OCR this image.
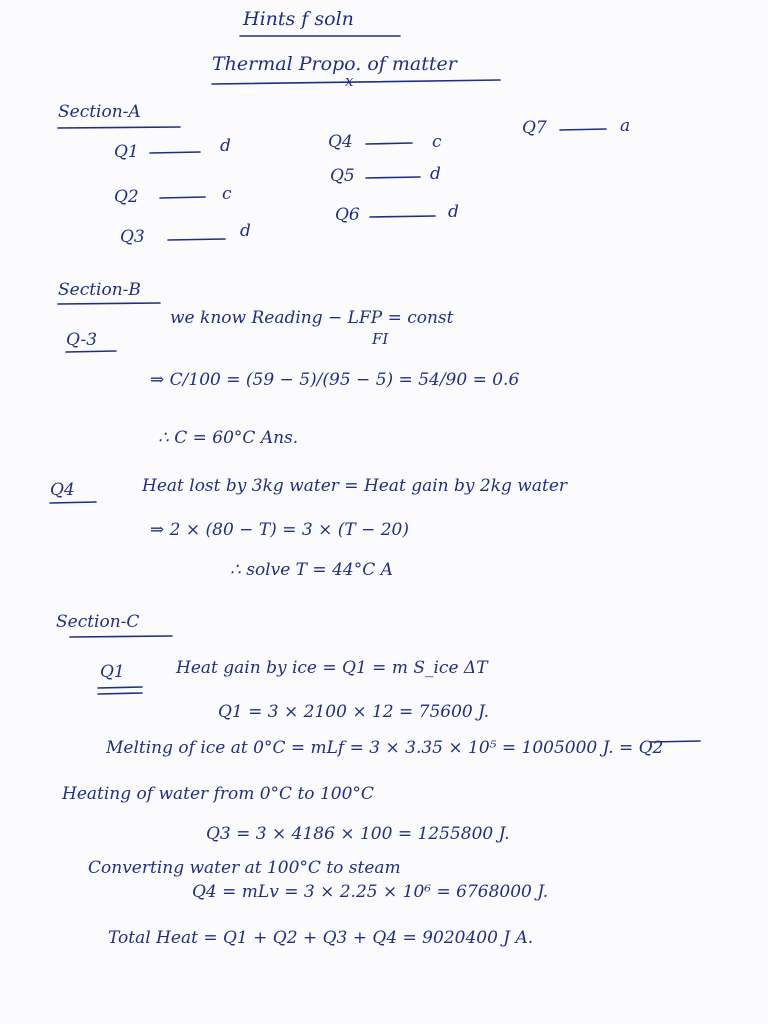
Hints f soln
Thermal Propo. of matter
x
Section-A
Q1	d
Q2	c
Q3	d
Q4	c
Q5	d
Q6	d
Q7	a
Section-B
Q-3
we know Reading − LFP = const
FI
⇒ C/100 = (59 − 5)/(95 − 5) = 54/90 = 0.6
∴ C = 60°C Ans.
Q4	Heat lost by 3kg water = Heat gain by 2kg water
⇒ 2 × (80 − T) = 3 × (T − 20)
∴ solve T = 44°C A
Section-C
Q1	Heat gain by ice = Q1 = m S_ice ΔT
Q1 = 3 × 2100 × 12 = 75600 J.
Melting of ice at 0°C = mLf = 3 × 3.35 × 10⁵ = 1005000 J. = Q2
Heating of water from 0°C to 100°C
Q3 = 3 × 4186 × 100 = 1255800 J.
Converting water at 100°C to steam
Q4 = mLv = 3 × 2.25 × 10⁶ = 6768000 J.
Total Heat = Q1 + Q2 + Q3 + Q4 = 9020400 J A.
